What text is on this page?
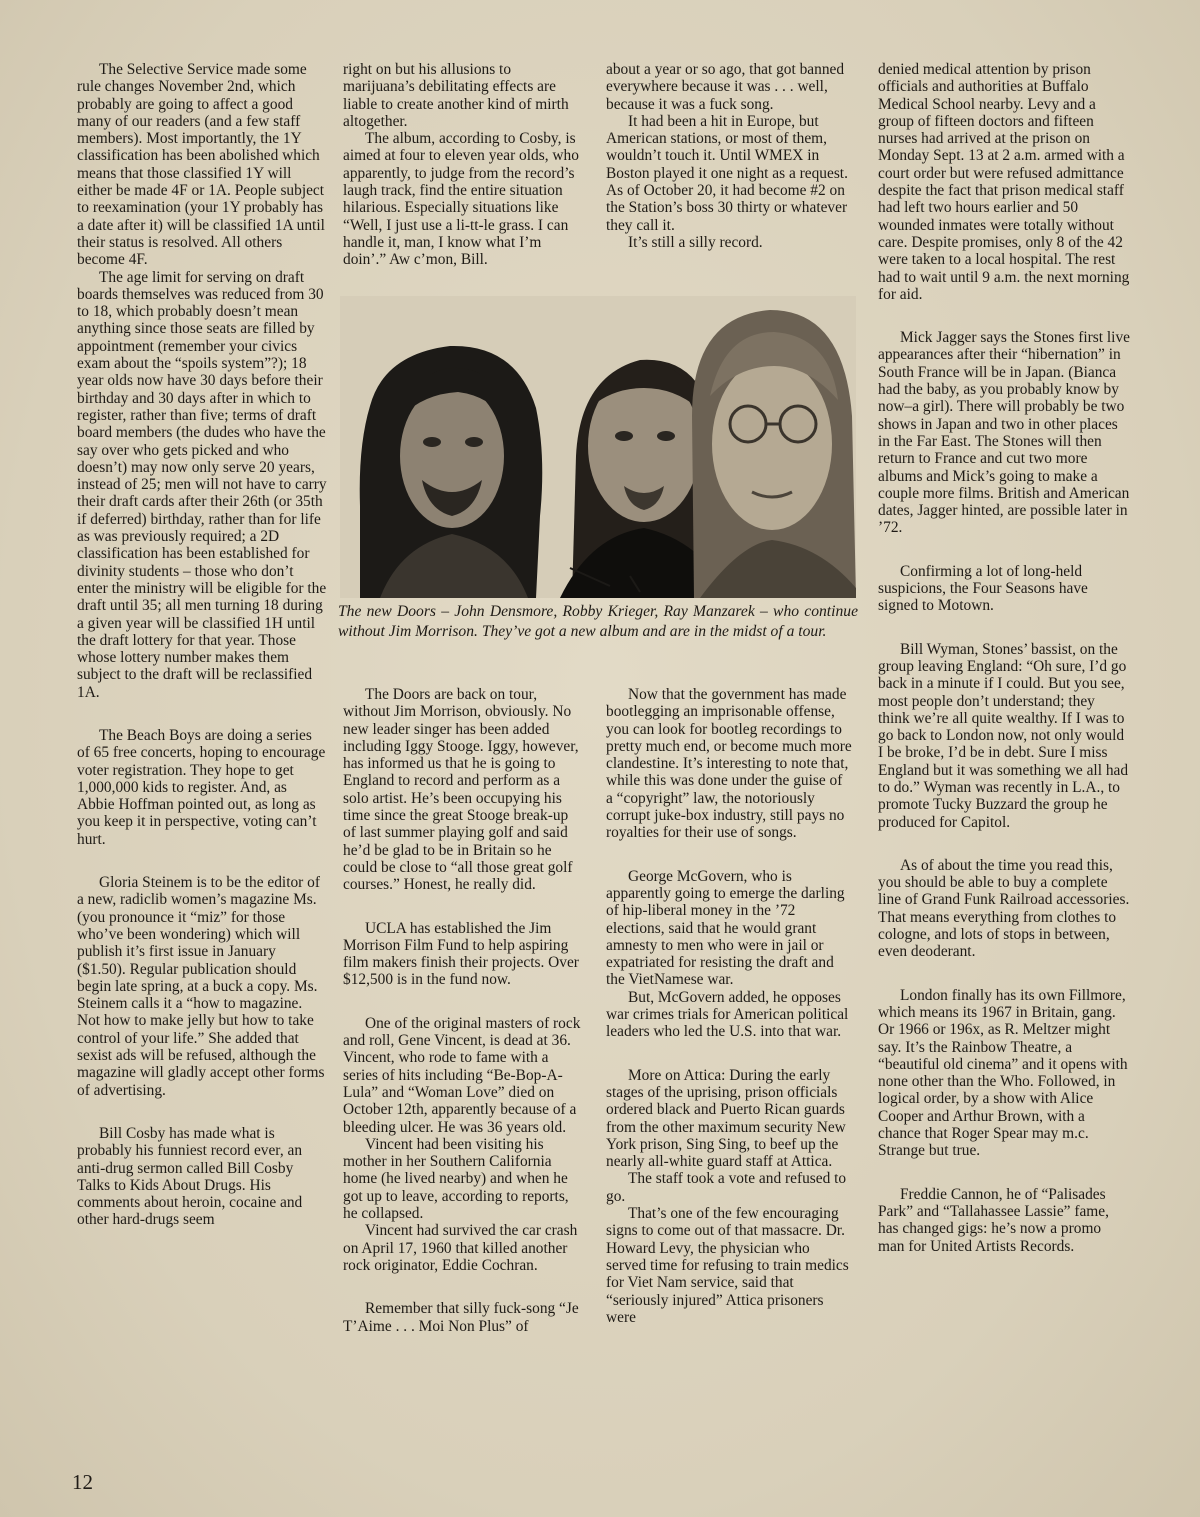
The Selective Service made some rule changes November 2nd, which probably are going to affect a good many of our readers (and a few staff members). Most importantly, the 1Y classification has been abolished which means that those classified 1Y will either be made 4F or 1A. People subject to reexamination (your 1Y probably has a date after it) will be classified 1A until their status is resolved. All others become 4F.

The age limit for serving on draft boards themselves was reduced from 30 to 18, which probably doesn’t mean anything since those seats are filled by appointment (remember your civics exam about the “spoils system”?); 18 year olds now have 30 days before their birthday and 30 days after in which to register, rather than five; terms of draft board members (the dudes who have the say over who gets picked and who doesn’t) may now only serve 20 years, instead of 25; men will not have to carry their draft cards after their 26th (or 35th if deferred) birthday, rather than for life as was previously required; a 2D classification has been established for divinity students – those who don’t enter the ministry will be eligible for the draft until 35; all men turning 18 during a given year will be classified 1H until the draft lottery for that year. Those whose lottery number makes them subject to the draft will be reclassified 1A.

The Beach Boys are doing a series of 65 free concerts, hoping to encourage voter registration. They hope to get 1,000,000 kids to register. And, as Abbie Hoffman pointed out, as long as you keep it in perspective, voting can’t hurt.

Gloria Steinem is to be the editor of a new, radiclib women’s magazine Ms. (you pronounce it “miz” for those who’ve been wondering) which will publish it’s first issue in January ($1.50). Regular publication should begin late spring, at a buck a copy. Ms. Steinem calls it a “how to magazine. Not how to make jelly but how to take control of your life.” She added that sexist ads will be refused, although the magazine will gladly accept other forms of advertising.

Bill Cosby has made what is probably his funniest record ever, an anti-drug sermon called Bill Cosby Talks to Kids About Drugs. His comments about heroin, cocaine and other hard-drugs seem

right on but his allusions to marijuana’s debilitating effects are liable to create another kind of mirth altogether.

The album, according to Cosby, is aimed at four to eleven year olds, who apparently, to judge from the record’s laugh track, find the entire situation hilarious. Especially situations like “Well, I just use a li-tt-le grass. I can handle it, man, I know what I’m doin’.” Aw c’mon, Bill.

about a year or so ago, that got banned everywhere because it was . . . well, because it was a fuck song.

It had been a hit in Europe, but American stations, or most of them, wouldn’t touch it. Until WMEX in Boston played it one night as a request. As of October 20, it had become #2 on the Station’s boss 30 thirty or whatever they call it.

It’s still a silly record.

The new Doors – John Densmore, Robby Krieger, Ray Manzarek – who continue without Jim Morrison. They’ve got a new album and are in the midst of a tour.

The Doors are back on tour, without Jim Morrison, obviously. No new leader singer has been added including Iggy Stooge. Iggy, however, has informed us that he is going to England to record and perform as a solo artist. He’s been occupying his time since the great Stooge break-up of last summer playing golf and said he’d be glad to be in Britain so he could be close to “all those great golf courses.” Honest, he really did.

UCLA has established the Jim Morrison Film Fund to help aspiring film makers finish their projects. Over $12,500 is in the fund now.

One of the original masters of rock and roll, Gene Vincent, is dead at 36. Vincent, who rode to fame with a series of hits including “Be-Bop-A-Lula” and “Woman Love” died on October 12th, apparently because of a bleeding ulcer. He was 36 years old.

Vincent had been visiting his mother in her Southern California home (he lived nearby) and when he got up to leave, according to reports, he collapsed.

Vincent had survived the car crash on April 17, 1960 that killed another rock originator, Eddie Cochran.

Remember that silly fuck-song “Je T’Aime . . . Moi Non Plus” of

Now that the government has made bootlegging an imprisonable offense, you can look for bootleg recordings to pretty much end, or become much more clandestine. It’s interesting to note that, while this was done under the guise of a “copyright” law, the notoriously corrupt juke-box industry, still pays no royalties for their use of songs.

George McGovern, who is apparently going to emerge the darling of hip-liberal money in the ’72 elections, said that he would grant amnesty to men who were in jail or expatriated for resisting the draft and the VietNamese war.

But, McGovern added, he opposes war crimes trials for American political leaders who led the U.S. into that war.

More on Attica: During the early stages of the uprising, prison officials ordered black and Puerto Rican guards from the other maximum security New York prison, Sing Sing, to beef up the nearly all-white guard staff at Attica.

The staff took a vote and refused to go.

That’s one of the few encouraging signs to come out of that massacre. Dr. Howard Levy, the physician who served time for refusing to train medics for Viet Nam service, said that “seriously injured” Attica prisoners were

denied medical attention by prison officials and authorities at Buffalo Medical School nearby. Levy and a group of fifteen doctors and fifteen nurses had arrived at the prison on Monday Sept. 13 at 2 a.m. armed with a court order but were refused admittance despite the fact that prison medical staff had left two hours earlier and 50 wounded inmates were totally without care. Despite promises, only 8 of the 42 were taken to a local hospital. The rest had to wait until 9 a.m. the next morning for aid.

Mick Jagger says the Stones first live appearances after their “hibernation” in South France will be in Japan. (Bianca had the baby, as you probably know by now–a girl). There will probably be two shows in Japan and two in other places in the Far East. The Stones will then return to France and cut two more albums and Mick’s going to make a couple more films. British and American dates, Jagger hinted, are possible later in ’72.

Confirming a lot of long-held suspicions, the Four Seasons have signed to Motown.

Bill Wyman, Stones’ bassist, on the group leaving England: “Oh sure, I’d go back in a minute if I could. But you see, most people don’t understand; they think we’re all quite wealthy. If I was to go back to London now, not only would I be broke, I’d be in debt. Sure I miss England but it was something we all had to do.” Wyman was recently in L.A., to promote Tucky Buzzard the group he produced for Capitol.

As of about the time you read this, you should be able to buy a complete line of Grand Funk Railroad accessories. That means everything from clothes to cologne, and lots of stops in between, even deoderant.

London finally has its own Fillmore, which means its 1967 in Britain, gang. Or 1966 or 196x, as R. Meltzer might say. It’s the Rainbow Theatre, a “beautiful old cinema” and it opens with none other than the Who. Followed, in logical order, by a show with Alice Cooper and Arthur Brown, with a chance that Roger Spear may m.c. Strange but true.

Freddie Cannon, he of “Palisades Park” and “Tallahassee Lassie” fame, has changed gigs: he’s now a promo man for United Artists Records.

12
